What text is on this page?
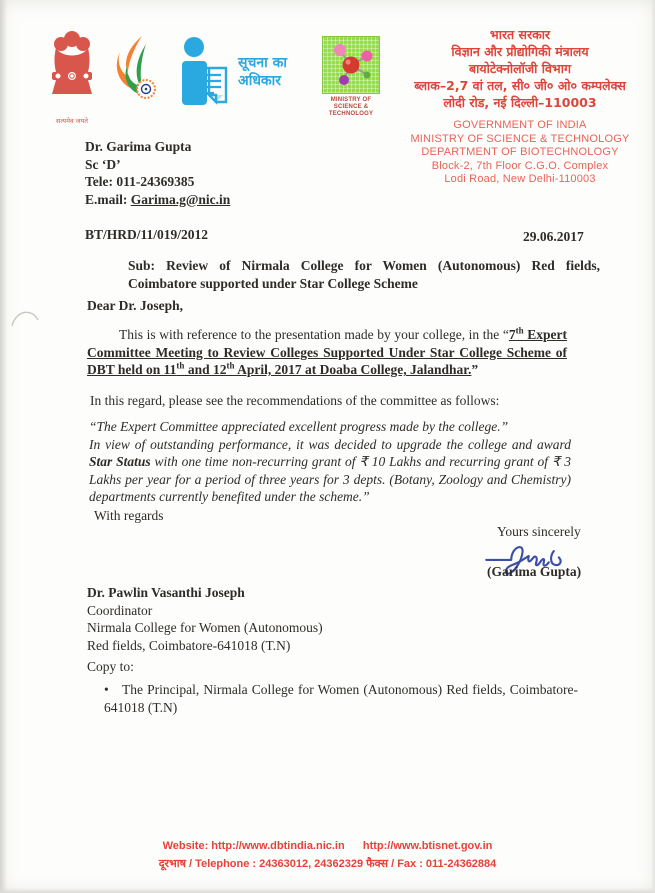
सत्यमेव जयते
सूचना का
अधिकार
MINISTRY OF
SCIENCE & TECHNOLOGY
भारत सरकार
विज्ञान और प्रौद्योगिकी मंत्रालय
बायोटेक्नोलॉजी विभाग
ब्लाक–2,7 वां तल, सी० जी० ओ० कम्पलेक्स
लोदी रोड, नई दिल्ली–110003
GOVERNMENT OF INDIA
MINISTRY OF SCIENCE & TECHNOLOGY
DEPARTMENT OF BIOTECHNOLOGY
Block-2, 7th Floor C.G.O. Complex
Lodi Road, New Delhi-110003
Dr. Garima Gupta
Sc ‘D’
Tele: 011-24369385
E.mail: Garima.g@nic.in
BT/HRD/11/019/2012	29.06.2017
Sub: Review of Nirmala College for Women (Autonomous) Red fields, Coimbatore supported under Star College Scheme
Dear Dr. Joseph,
This is with reference to the presentation made by your college, in the “7th Expert Committee Meeting to Review Colleges Supported Under Star College Scheme of DBT held on 11th and 12th April, 2017 at Doaba College, Jalandhar.”
In this regard, please see the recommendations of the committee as follows:
“The Expert Committee appreciated excellent progress made by the college.”
In view of outstanding performance, it was decided to upgrade the college and award Star Status with one time non-recurring grant of ₹ 10 Lakhs and recurring grant of ₹ 3 Lakhs per year for a period of three years for 3 depts. (Botany, Zoology and Chemistry) departments currently benefited under the scheme.”
With regards
Yours sincerely
(Garima Gupta)
Dr. Pawlin Vasanthi Joseph
Coordinator
Nirmala College for Women (Autonomous)
Red fields, Coimbatore-641018 (T.N)
Copy to:
• The Principal, Nirmala College for Women (Autonomous) Red fields, Coimbatore-641018 (T.N)
Website: http://www.dbtindia.nic.in http://www.btisnet.gov.in
दूरभाष / Telephone : 24363012, 24362329 फैक्स / Fax : 011-24362884
